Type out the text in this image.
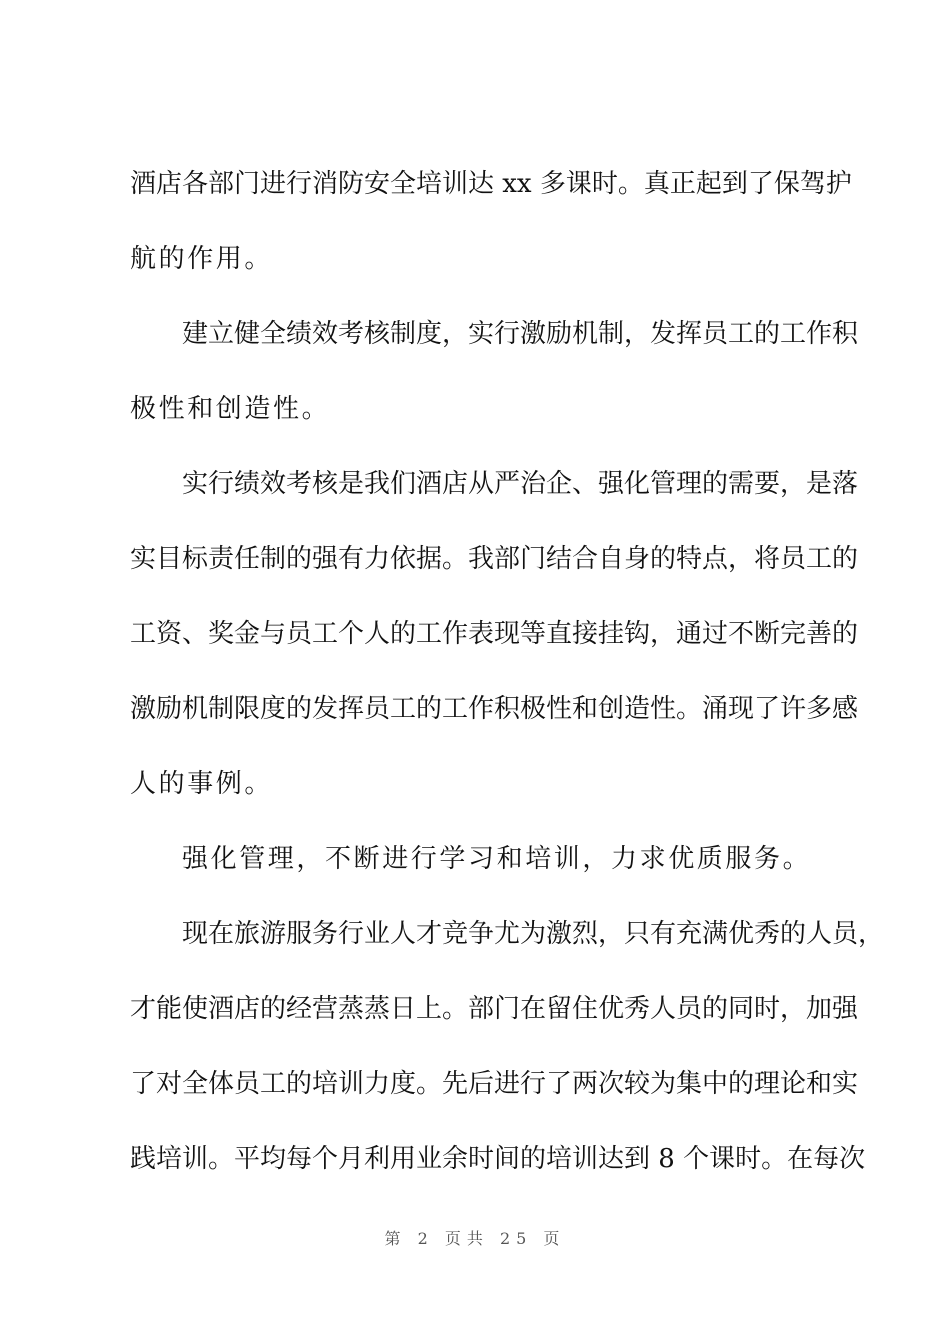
酒店各部门进行消防安全培训达 xx 多课时。真正起到了保驾护
航的作用。
建立健全绩效考核制度，实行激励机制，发挥员工的工作积
极性和创造性。
实行绩效考核是我们酒店从严治企、强化管理的需要，是落
实目标责任制的强有力依据。我部门结合自身的特点，将员工的
工资、奖金与员工个人的工作表现等直接挂钩，通过不断完善的
激励机制限度的发挥员工的工作积极性和创造性。涌现了许多感
人的事例。
强化管理，不断进行学习和培训，力求优质服务。
现在旅游服务行业人才竞争尤为激烈，只有充满优秀的人员，
才能使酒店的经营蒸蒸日上。部门在留住优秀人员的同时，加强
了对全体员工的培训力度。先后进行了两次较为集中的理论和实
践培训。平均每个月利用业余时间的培训达到 8 个课时。在每次
第 2 页共 25 页
